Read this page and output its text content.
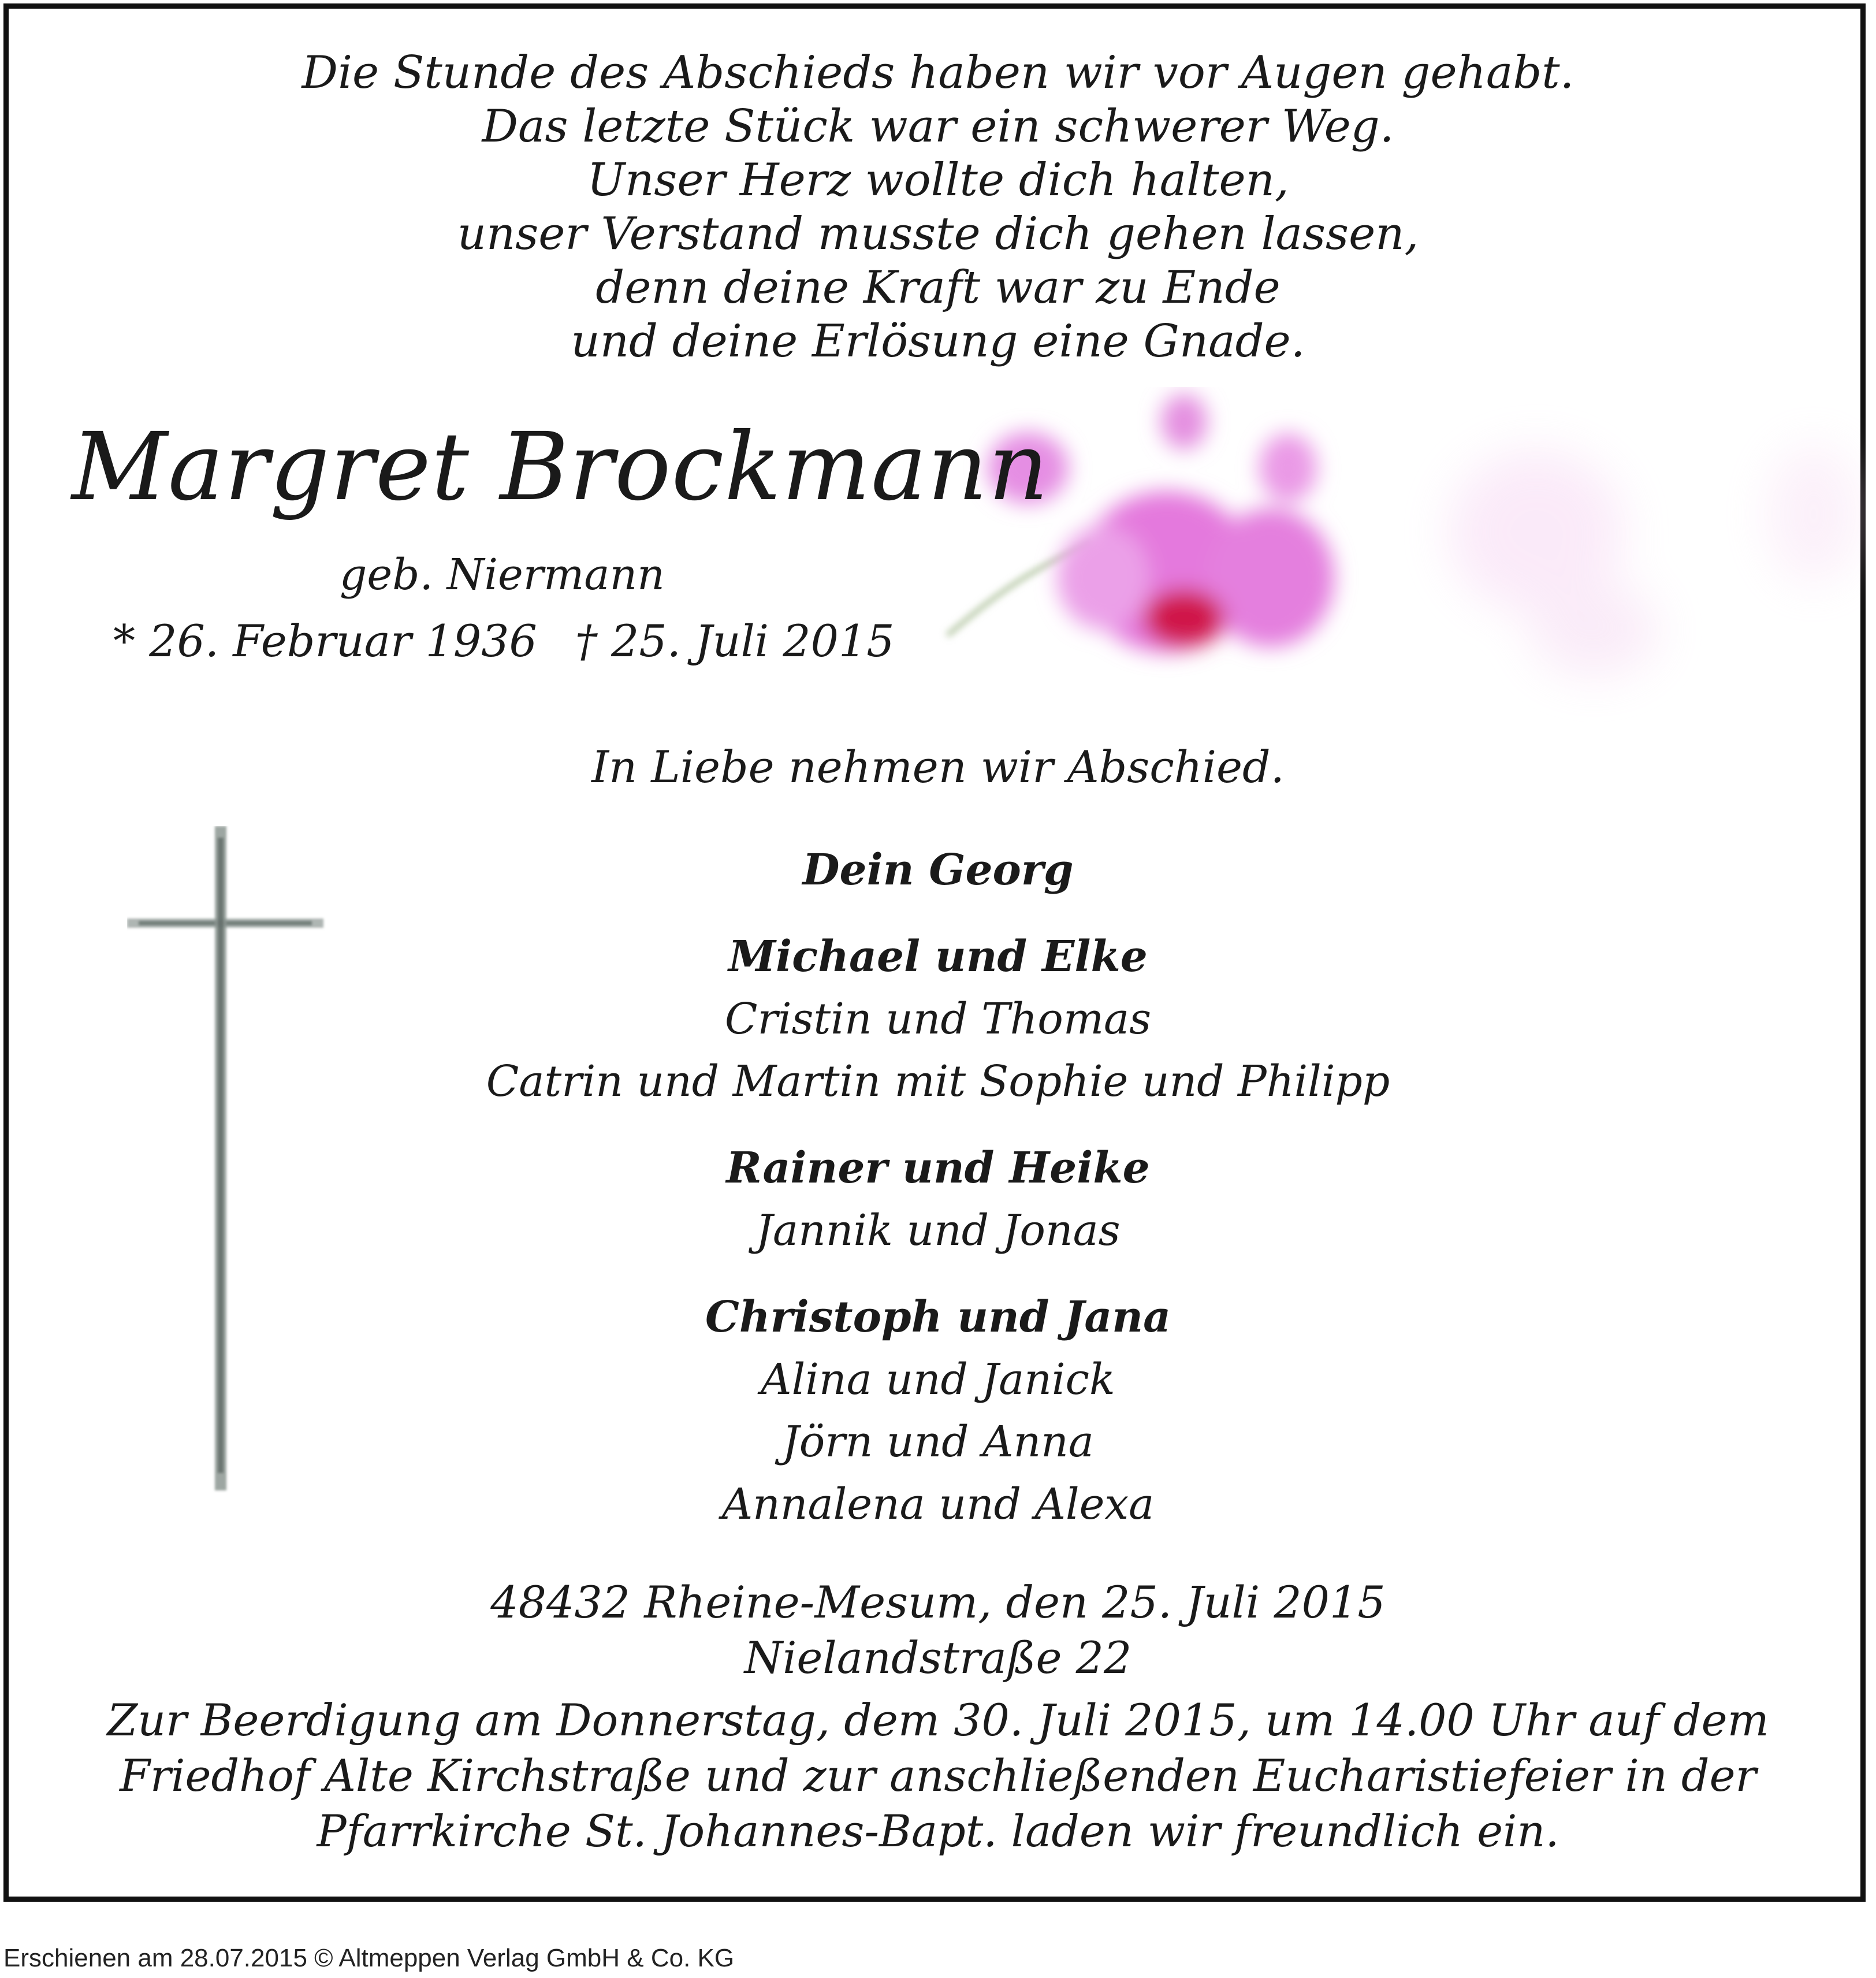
Die Stunde des Abschieds haben wir vor Augen gehabt.
Das letzte Stück war ein schwerer Weg.
Unser Herz wollte dich halten,
unser Verstand musste dich gehen lassen,
denn deine Kraft war zu Ende
und deine Erlösung eine Gnade.
Margret Brockmann
geb. Niermann
* 26. Februar 1936 † 25. Juli 2015
In Liebe nehmen wir Abschied.
Dein Georg
Michael und Elke
Cristin und Thomas
Catrin und Martin mit Sophie und Philipp
Rainer und Heike
Jannik und Jonas
Christoph und Jana
Alina und Janick
Jörn und Anna
Annalena und Alexa
48432 Rheine-Mesum, den 25. Juli 2015
Nielandstraße 22
Zur Beerdigung am Donnerstag, dem 30. Juli 2015, um 14.00 Uhr auf dem
Friedhof Alte Kirchstraße und zur anschließenden Eucharistiefeier in der
Pfarrkirche St. Johannes-Bapt. laden wir freundlich ein.
Erschienen am 28.07.2015 © Altmeppen Verlag GmbH & Co. KG
